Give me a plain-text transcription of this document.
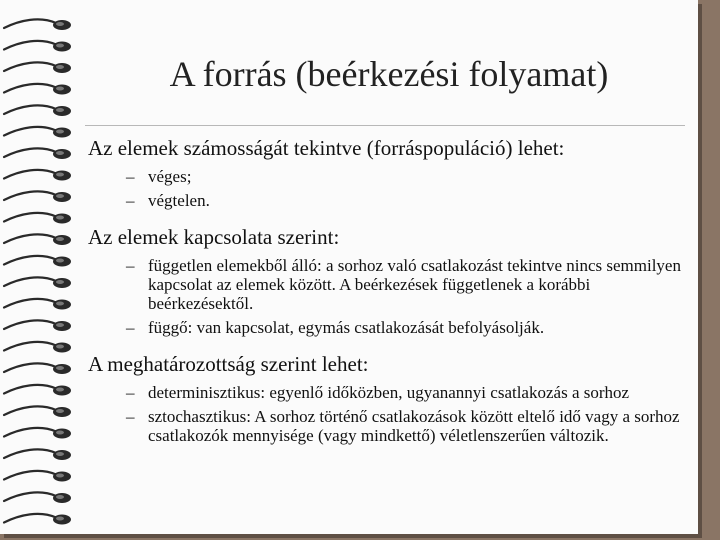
A forrás (beérkezési folyamat)

Az elemek számosságát tekintve (forráspopuláció) lehet:

– véges;
– végtelen.

Az elemek kapcsolata szerint:

– független elemekből álló: a sorhoz való csatlakozást tekintve nincs semmilyen kapcsolat az elemek között. A beérkezések függetlenek a korábbi beérkezésektől.
– függő: van kapcsolat, egymás csatlakozását befolyásolják.

A meghatározottság szerint lehet:

– determinisztikus: egyenlő időközben, ugyanannyi csatlakozás a sorhoz
– sztochasztikus: A sorhoz történő csatlakozások között eltelő idő vagy a sorhoz csatlakozók mennyisége (vagy mindkettő) véletlenszerűen változik.
